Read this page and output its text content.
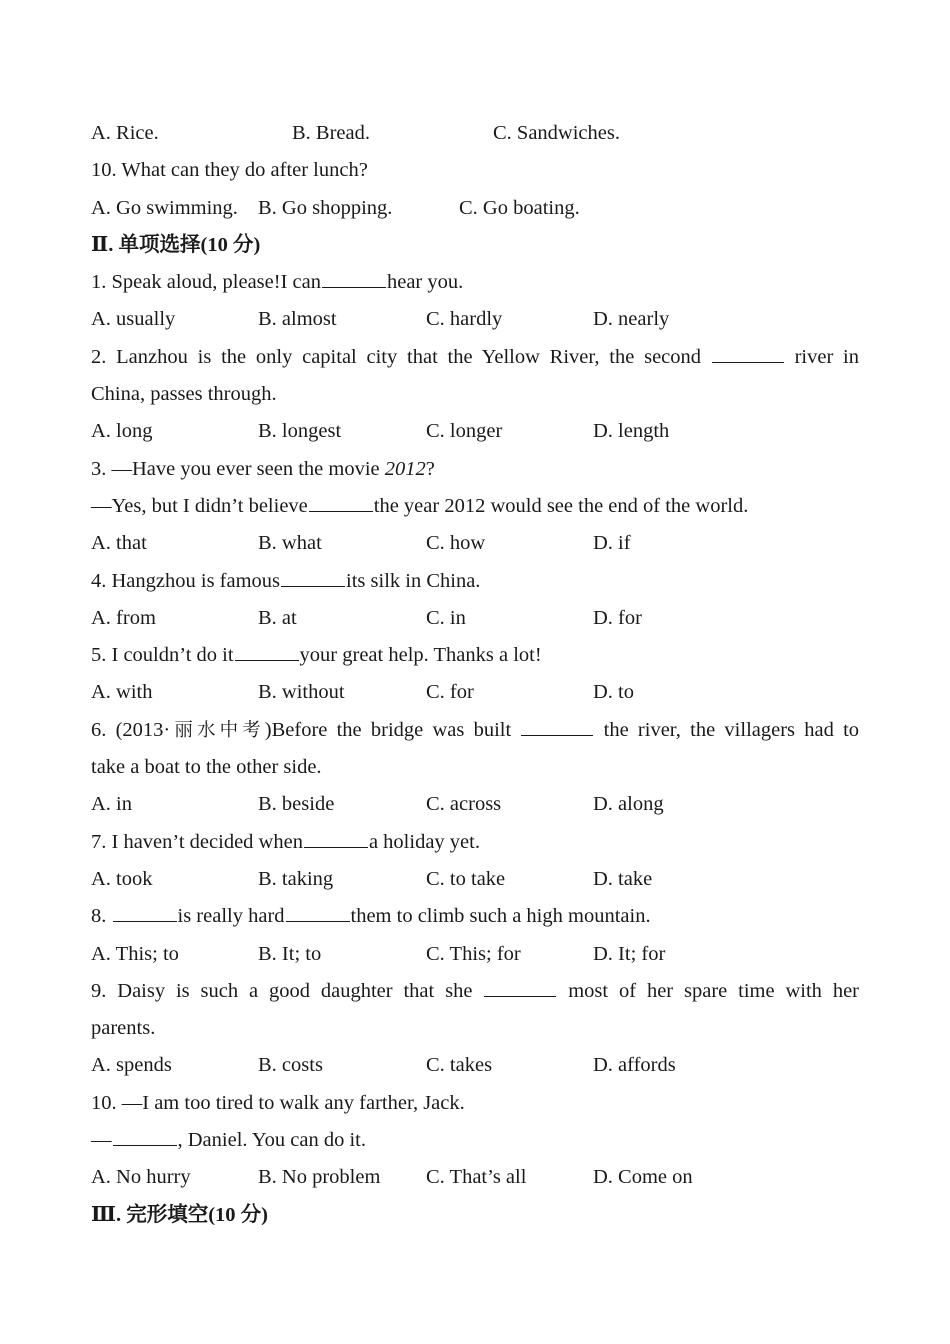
A. Rice.	B. Bread.	C. Sandwiches.
10. What can they do after lunch?
A. Go swimming. B. Go shopping.	C. Go boating.
Ⅱ. 单项选择(10 分)
1. Speak aloud, please!I can	hear you.
A. usually	B. almost	C. hardly	D. nearly
2. Lanzhou is the only capital city that the Yellow River, the second	river in
China, passes through.
A. long	B. longest	C. longer	D. length
3. —Have you ever seen the movie 2012?
—Yes, but I didn’t believe	the year 2012 would see the end of the world.
A. that	B. what	C. how	D. if
4. Hangzhou is famous	its silk in China.
A. from	B. at	C. in	D. for
5. I couldn’t do it	your great help. Thanks a lot!
A. with	B. without	C. for	D. to
6. (2013·丽水中考)Before the bridge was built	the river, the villagers had to
take a boat to the other side.
A. in	B. beside	C. across	D. along
7. I haven’t decided when	a holiday yet.
A. took	B. taking	C. to take	D. take
8.	is really hard	them to climb such a high mountain.
A. This; to	B. It; to	C. This; for	D. It; for
9. Daisy is such a good daughter that she	most of her spare time with her
parents.
A. spends	B. costs	C. takes	D. affords
10. —I am too tired to walk any farther, Jack.
—	, Daniel. You can do it.
A. No hurry	B. No problem C. That’s all	D. Come on
Ⅲ. 完形填空(10 分)
